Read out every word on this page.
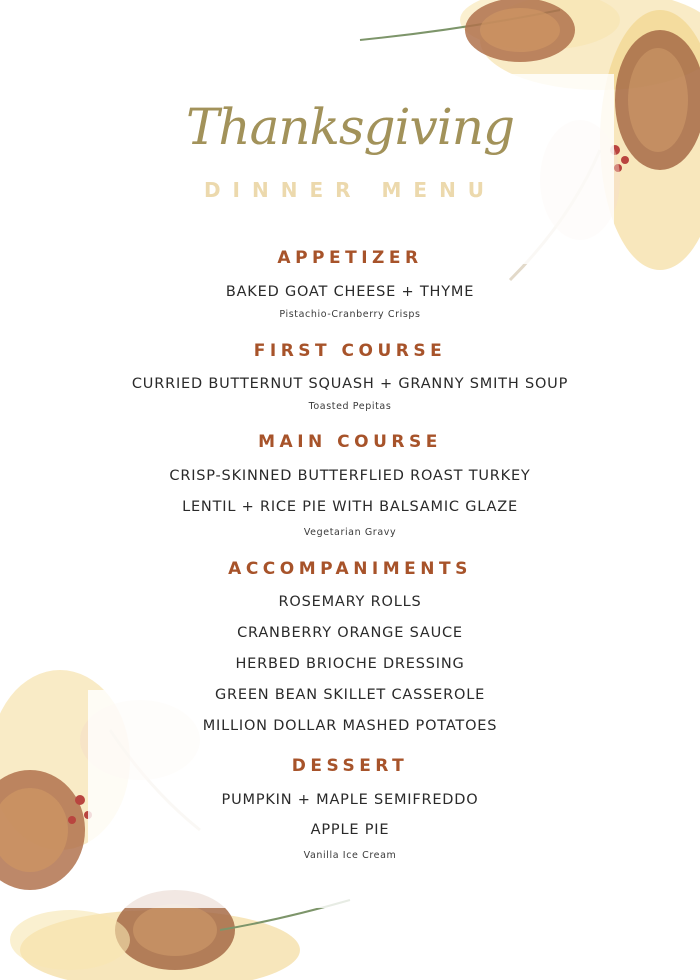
Thanksgiving
DINNER MENU
APPETIZER
BAKED GOAT CHEESE + THYME
Pistachio-Cranberry Crisps
FIRST COURSE
CURRIED BUTTERNUT SQUASH + GRANNY SMITH SOUP
Toasted Pepitas
MAIN COURSE
CRISP-SKINNED BUTTERFLIED ROAST TURKEY
LENTIL + RICE PIE WITH BALSAMIC GLAZE
Vegetarian Gravy
ACCOMPANIMENTS
ROSEMARY ROLLS
CRANBERRY ORANGE SAUCE
HERBED BRIOCHE DRESSING
GREEN BEAN SKILLET CASSEROLE
MILLION DOLLAR MASHED POTATOES
DESSERT
PUMPKIN + MAPLE SEMIFREDDO
APPLE PIE
Vanilla Ice Cream
